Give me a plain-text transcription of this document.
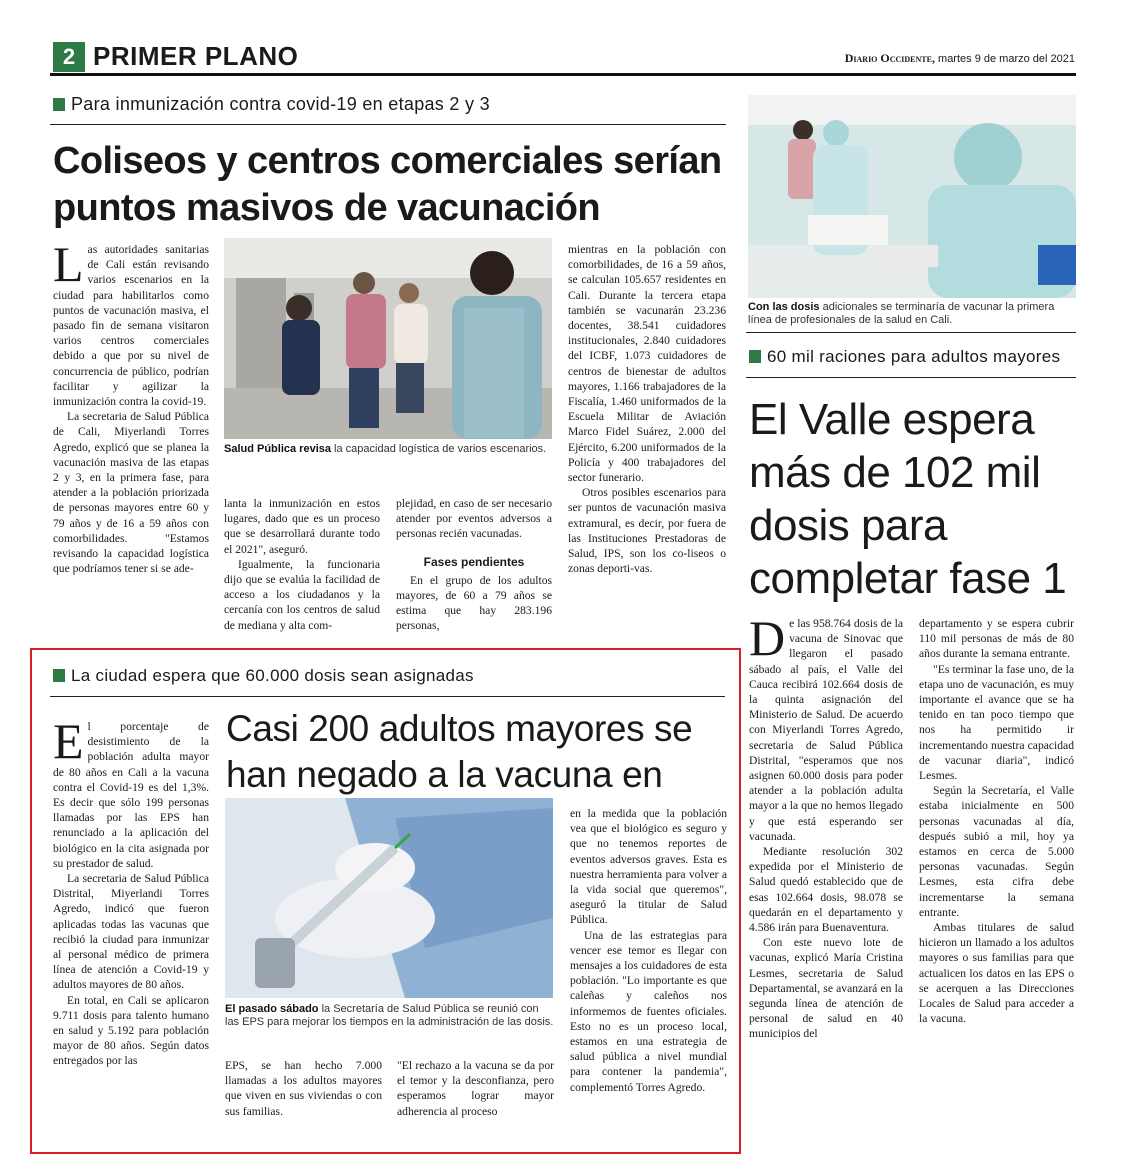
2 PRIMER PLANO	Diario Occidente, martes 9 de marzo del 2021
Para inmunización contra covid-19 en etapas 2 y 3
Coliseos y centros comerciales serían puntos masivos de vacunación
Salud Pública revisa la capacidad logística de varios escenarios.

Las autoridades sanitarias de Cali están revisando varios escenarios en la ciudad para habilitarlos como puntos de vacunación masiva, el pasado fin de semana visitaron varios centros comerciales debido a que por su nivel de concurrencia de público, podrían facilitar y agilizar la inmunización contra la covid-19.

La secretaria de Salud Pública de Cali, Miyerlandi Torres Agredo, explicó que se planea la vacunación masiva de las etapas 2 y 3, en la primera fase, para atender a la población priorizada de personas mayores entre 60 y 79 años y de 16 a 59 años con comorbilidades. "Estamos revisando la capacidad logística que podríamos tener si se ade-

lanta la inmunización en estos lugares, dado que es un proceso que se desarrollará durante todo el 2021", aseguró.

Igualmente, la funcionaria dijo que se evalúa la facilidad de acceso a los ciudadanos y la cercanía con los centros de salud de mediana y alta com-

plejidad, en caso de ser necesario atender por eventos adversos a personas recién vacunadas.

Fases pendientes

En el grupo de los adultos mayores, de 60 a 79 años se estima que hay 283.196 personas,

mientras en la población con comorbilidades, de 16 a 59 años, se calculan 105.657 residentes en Cali. Durante la tercera etapa también se vacunarán 23.236 docentes, 38.541 cuidadores institucionales, 2.840 cuidadores del ICBF, 1.073 cuidadores de centros de bienestar de adultos mayores, 1.166 trabajadores de la Fiscalía, 1.460 uniformados de la Escuela Militar de Aviación Marco Fidel Suárez, 2.000 del Ejército, 6.200 uniformados de la Policía y 400 trabajadores del sector funerario.

Otros posibles escenarios para ser puntos de vacunación masiva extramural, es decir, por fuera de las Instituciones Prestadoras de Salud, IPS, son los co-liseos o zonas deporti-vas.

Con las dosis adicionales se terminaría de vacunar la primera línea de profesionales de la salud en Cali.
60 mil raciones para adultos mayores
El Valle espera más de 102 mil dosis para completar fase 1

De las 958.764 dosis de la vacuna de Sinovac que llegaron el pasado sábado al país, el Valle del Cauca recibirá 102.664 dosis de la quinta asignación del Ministerio de Salud. De acuerdo con Miyerlandi Torres Agredo, secretaria de Salud Pública Distrital, "esperamos que nos asignen 60.000 dosis para poder atender a la población adulta mayor a la que no hemos llegado y que está esperando ser vacunada.

Mediante resolución 302 expedida por el Ministerio de Salud quedó establecido que de esas 102.664 dosis, 98.078 se quedarán en el departamento y 4.586 irán para Buenaventura.

Con este nuevo lote de vacunas, explicó María Cristina Lesmes, secretaria de Salud Departamental, se avanzará en la segunda línea de atención de personal de salud en 40 municipios del

departamento y se espera cubrir 110 mil personas de más de 80 años durante la semana entrante.

"Es terminar la fase uno, de la etapa uno de vacunación, es muy importante el avance que se ha tenido en tan poco tiempo que nos ha permitido ir incrementando nuestra capacidad de vacunar diaria", indicó Lesmes.

Según la Secretaría, el Valle estaba inicialmente en 500 personas vacunadas al día, después subió a mil, hoy ya estamos en cerca de 5.000 personas vacunadas. Según Lesmes, esta cifra debe incrementarse la semana entrante.

Ambas titulares de salud hicieron un llamado a los adultos mayores o sus familias para que actualicen los datos en las EPS o se acerquen a las Direcciones Locales de Salud para acceder a la vacuna.

La ciudad espera que 60.000 dosis sean asignadas
Casi 200 adultos mayores se han negado a la vacuna en
El pasado sábado la Secretaría de Salud Pública se reunió con las EPS para mejorar los tiempos en la administración de las dosis.

El porcentaje de desistimiento de la población adulta mayor de 80 años en Cali a la vacuna contra el Covid-19 es del 1,3%. Es decir que sólo 199 personas llamadas por las EPS han renunciado a la aplicación del biológico en la cita asignada por su prestador de salud.

La secretaria de Salud Pública Distrital, Miyerlandi Torres Agredo, indicó que fueron aplicadas todas las vacunas que recibió la ciudad para inmunizar al personal médico de primera línea de atención a Covid-19 y adultos mayores de 80 años.

En total, en Cali se aplicaron 9.711 dosis para talento humano en salud y 5.192 para población mayor de 80 años. Según datos entregados por las	EPS, se han hecho 7.000 llamadas a los adultos mayores que viven en sus viviendas o con sus familias.

"El rechazo a la vacuna se da por el temor y la desconfianza, pero esperamos lograr mayor adherencia al proceso

en la medida que la población vea que el biológico es seguro y que no tenemos reportes de eventos adversos graves. Esta es nuestra herramienta para volver a la vida social que queremos", aseguró la titular de Salud Pública.

Una de las estrategias para vencer ese temor es llegar con mensajes a los cuidadores de esta población. "Lo importante es que caleñas y caleños nos informemos de fuentes oficiales. Esto no es un proceso local, estamos en una estrategia de salud pública a nivel mundial para contener la pandemia", complementó Torres Agredo.
